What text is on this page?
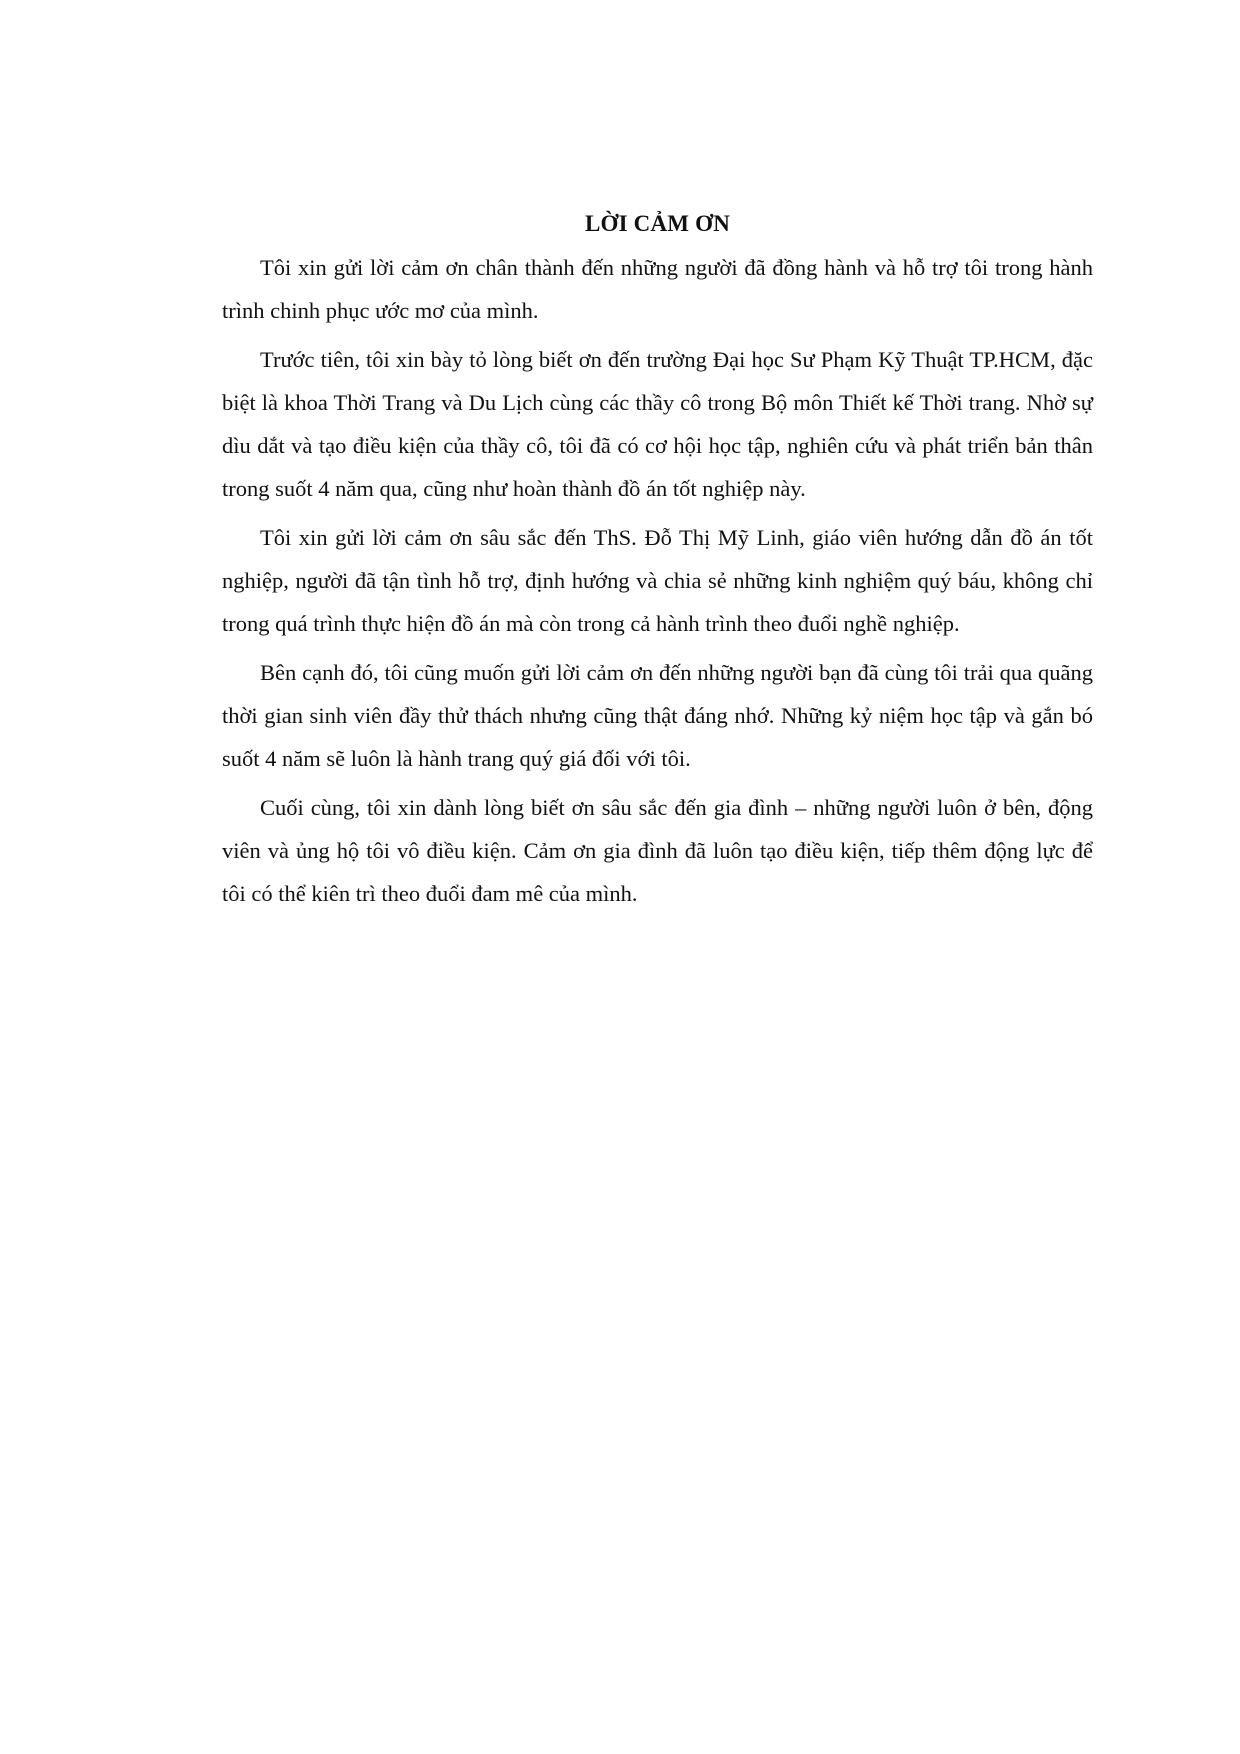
LỜI CẢM ƠN

Tôi xin gửi lời cảm ơn chân thành đến những người đã đồng hành và hỗ trợ tôi trong hành trình chinh phục ước mơ của mình.

Trước tiên, tôi xin bày tỏ lòng biết ơn đến trường Đại học Sư Phạm Kỹ Thuật TP.HCM, đặc biệt là khoa Thời Trang và Du Lịch cùng các thầy cô trong Bộ môn Thiết kế Thời trang. Nhờ sự dìu dắt và tạo điều kiện của thầy cô, tôi đã có cơ hội học tập, nghiên cứu và phát triển bản thân trong suốt 4 năm qua, cũng như hoàn thành đồ án tốt nghiệp này.

Tôi xin gửi lời cảm ơn sâu sắc đến ThS. Đỗ Thị Mỹ Linh, giáo viên hướng dẫn đồ án tốt nghiệp, người đã tận tình hỗ trợ, định hướng và chia sẻ những kinh nghiệm quý báu, không chỉ trong quá trình thực hiện đồ án mà còn trong cả hành trình theo đuổi nghề nghiệp.

Bên cạnh đó, tôi cũng muốn gửi lời cảm ơn đến những người bạn đã cùng tôi trải qua quãng thời gian sinh viên đầy thử thách nhưng cũng thật đáng nhớ. Những kỷ niệm học tập và gắn bó suốt 4 năm sẽ luôn là hành trang quý giá đối với tôi.

Cuối cùng, tôi xin dành lòng biết ơn sâu sắc đến gia đình – những người luôn ở bên, động viên và ủng hộ tôi vô điều kiện. Cảm ơn gia đình đã luôn tạo điều kiện, tiếp thêm động lực để tôi có thể kiên trì theo đuổi đam mê của mình.
